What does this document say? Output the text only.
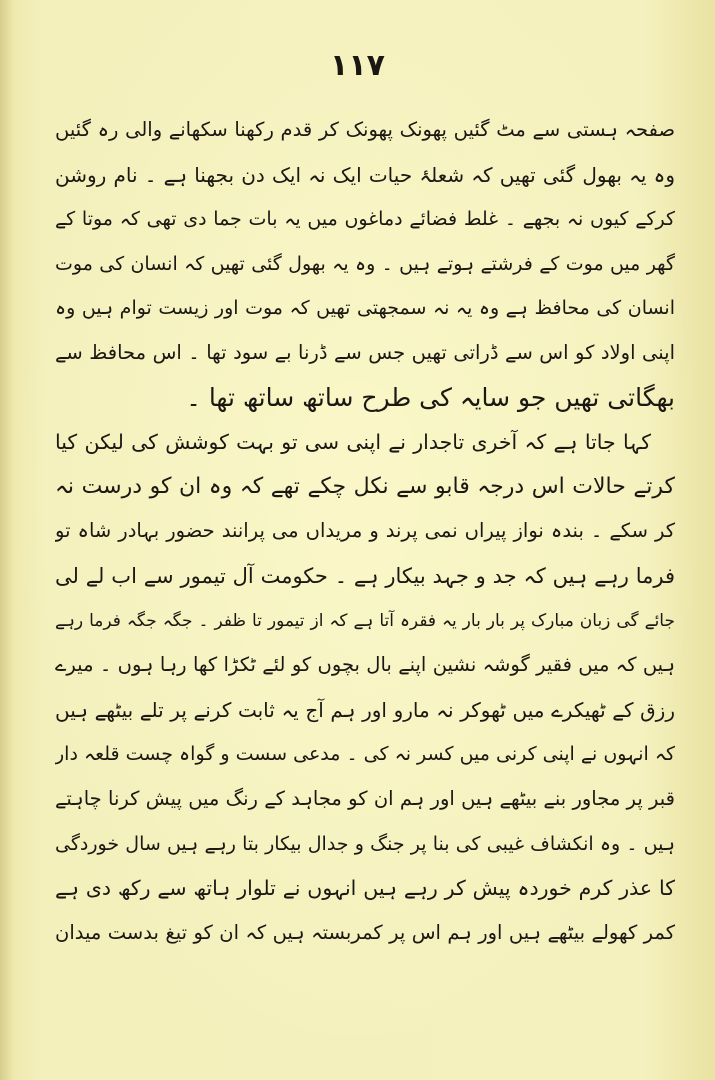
١١٧
صفحہ ہستی سے مٹ گئیں پھونک پھونک کر قدم رکھنا سکھانے والی رہ گئیں
وہ یہ بھول گئی تھیں کہ شعلۂ حیات ایک نہ ایک دن بجھنا ہے ۔ نام روشن
کرکے کیوں نہ بجھے ۔ غلط فضائے دماغوں میں یہ بات جما دی تھی کہ موتا کے
گھر میں موت کے فرشتے ہوتے ہیں ۔ وہ یہ بھول گئی تھیں کہ انسان کی موت
انسان کی محافظ ہے وہ یہ نہ سمجھتی تھیں کہ موت اور زیست توام ہیں وہ
اپنی اولاد کو اس سے ڈراتی تھیں جس سے ڈرنا بے سود تھا ۔ اس محافظ سے
بھگاتی تھیں جو سایہ کی طرح ساتھ ساتھ تھا ۔
کہا جاتا ہے کہ آخری تاجدار نے اپنی سی تو بہت کوشش کی لیکن کیا
کرتے حالات اس درجہ قابو سے نکل چکے تھے کہ وہ ان کو درست نہ
کر سکے ۔ بندہ نواز پیراں نمی پرند و مریداں می پرانند حضور بہادر شاہ تو
فرما رہے ہیں کہ جد و جہد بیکار ہے ۔ حکومت آل تیمور سے اب لے لی
جائے گی زبان مبارک پر بار بار یہ فقرہ آتا ہے کہ از تیمور تا ظفر ۔ جگہ جگہ فرما رہے
ہیں کہ میں فقیر گوشہ نشین اپنے بال بچوں کو لئے ٹکڑا کھا رہا ہوں ۔ میرے
رزق کے ٹھیکرے میں ٹھوکر نہ مارو اور ہم آج یہ ثابت کرنے پر تلے بیٹھے ہیں
کہ انہوں نے اپنی کرنی میں کسر نہ کی ۔ مدعی سست و گواہ چست قلعہ دار
قبر پر مجاور بنے بیٹھے ہیں اور ہم ان کو مجاہد کے رنگ میں پیش کرنا چاہتے
ہیں ۔ وہ انکشاف غیبی کی بنا پر جنگ و جدال بیکار بتا رہے ہیں سال خوردگی
کا عذر کرم خوردہ پیش کر رہے ہیں انہوں نے تلوار ہاتھ سے رکھ دی ہے
کمر کھولے بیٹھے ہیں اور ہم اس پر کمربستہ ہیں کہ ان کو تیغ بدست میدان
